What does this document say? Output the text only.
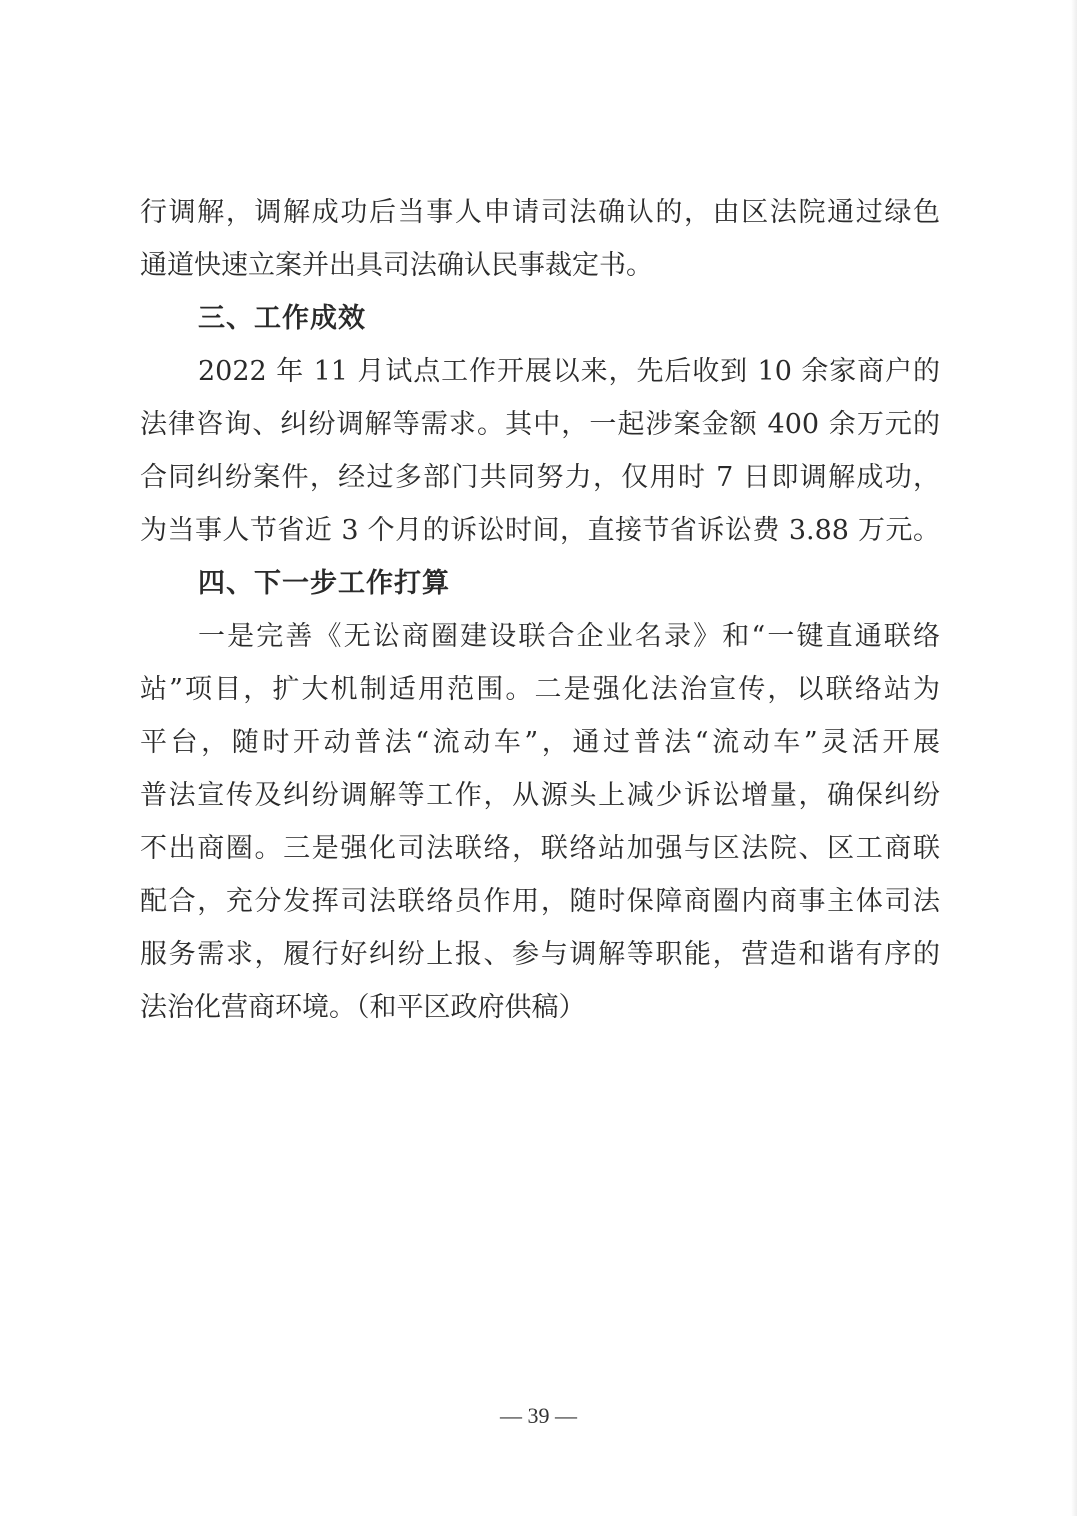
行调解，调解成功后当事人申请司法确认的，由区法院通过绿色
通道快速立案并出具司法确认民事裁定书。
三、工作成效
2022 年 11 月试点工作开展以来，先后收到 10 余家商户的
法律咨询、纠纷调解等需求。其中，一起涉案金额 400 余万元的
合同纠纷案件，经过多部门共同努力，仅用时 7 日即调解成功，
为当事人节省近 3 个月的诉讼时间，直接节省诉讼费 3.88 万元。
四、下一步工作打算
一是完善《无讼商圈建设联合企业名录》和“一键直通联络
站”项目，扩大机制适用范围。二是强化法治宣传，以联络站为
平台，随时开动普法“流动车”，通过普法“流动车”灵活开展
普法宣传及纠纷调解等工作，从源头上减少诉讼增量，确保纠纷
不出商圈。三是强化司法联络，联络站加强与区法院、区工商联
配合，充分发挥司法联络员作用，随时保障商圈内商事主体司法
服务需求，履行好纠纷上报、参与调解等职能，营造和谐有序的
法治化营商环境。（和平区政府供稿）
— 39 —
